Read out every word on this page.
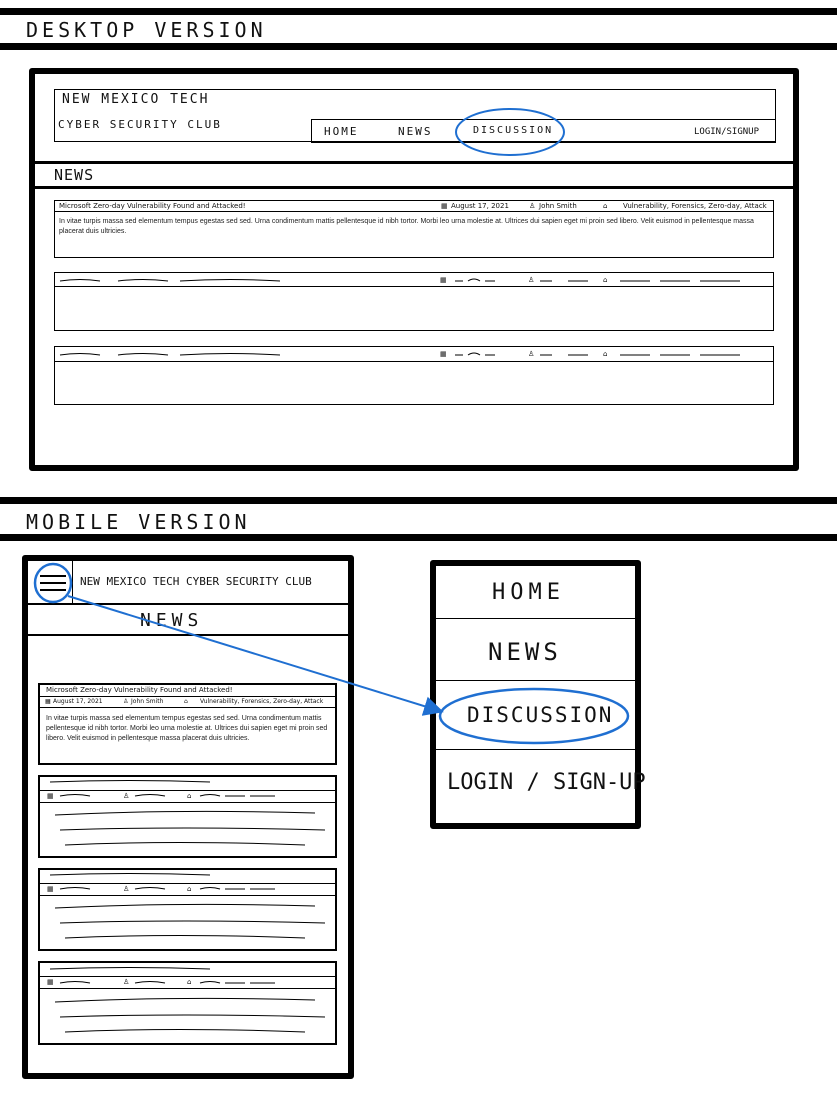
DESKTOP VERSION
NEW MEXICO TECH
CYBER SECURITY CLUB
HOME	NEWS	DISCUSSION	LOGIN/SIGNUP
NEWS
Microsoft Zero-day Vulnerability Found and Attacked!	▦ August 17, 2021	♙ John Smith	⌂ Vulnerability, Forensics, Zero-day, Attack
In vitae turpis massa sed elementum tempus egestas sed sed. Urna condimentum mattis pellentesque id nibh tortor. Morbi leo urna molestie at. Ultrices dui sapien eget mi proin sed libero. Velit euismod in pellentesque massa placerat duis ultricies.
▦	♙	⌂
▦	♙	⌂
MOBILE VERSION
NEW MEXICO TECH CYBER SECURITY CLUB
NEWS
Microsoft Zero-day Vulnerability Found and Attacked!
▦ August 17, 2021	♙ John Smith	⌂ Vulnerability, Forensics, Zero-day, Attack
In vitae turpis massa sed elementum tempus egestas sed sed. Urna condimentum mattis pellentesque id nibh tortor. Morbi leo urna molestie at. Ultrices dui sapien eget mi proin sed libero. Velit euismod in pellentesque massa placerat duis ultricies.
▦	♙	⌂
▦	♙	⌂
▦	♙	⌂
HOME
NEWS
DISCUSSION
LOGIN / SIGN-UP
